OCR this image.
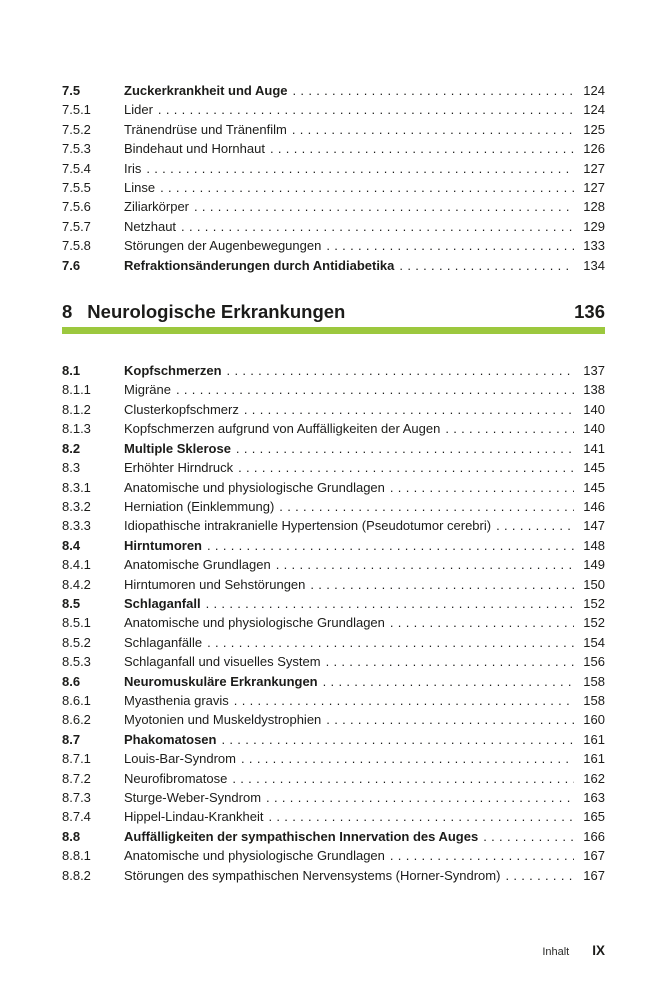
7.5	Zuckerkrankheit und Auge .....	124
7.5.1	Lider .....	124
7.5.2	Tränendrüse und Tränenfilm .....	125
7.5.3	Bindehaut und Hornhaut .....	126
7.5.4	Iris .....	127
7.5.5	Linse .....	127
7.5.6	Ziliarkörper .....	128
7.5.7	Netzhaut .....	129
7.5.8	Störungen der Augenbewegungen .....	133
7.6	Refraktionsänderungen durch Antidiabetika .....	134
8 Neurologische Erkrankungen	136
8.1	Kopfschmerzen .....	137
8.1.1	Migräne .....	138
8.1.2	Clusterkopfschmerz .....	140
8.1.3	Kopfschmerzen aufgrund von Auffälligkeiten der Augen .....	140
8.2	Multiple Sklerose .....	141
8.3	Erhöhter Hirndruck .....	145
8.3.1	Anatomische und physiologische Grundlagen .....	145
8.3.2	Herniation (Einklemmung) .....	146
8.3.3	Idiopathische intrakranielle Hypertension (Pseudotumor cerebri) .....	147
8.4	Hirntumoren .....	148
8.4.1	Anatomische Grundlagen .....	149
8.4.2	Hirntumoren und Sehstörungen .....	150
8.5	Schlaganfall .....	152
8.5.1	Anatomische und physiologische Grundlagen .....	152
8.5.2	Schlaganfälle .....	154
8.5.3	Schlaganfall und visuelles System .....	156
8.6	Neuromuskuläre Erkrankungen .....	158
8.6.1	Myasthenia gravis .....	158
8.6.2	Myotonien und Muskeldystrophien .....	160
8.7	Phakomatosen .....	161
8.7.1	Louis-Bar-Syndrom .....	161
8.7.2	Neurofibromatose .....	162
8.7.3	Sturge-Weber-Syndrom .....	163
8.7.4	Hippel-Lindau-Krankheit .....	165
8.8	Auffälligkeiten der sympathischen Innervation des Auges .....	166
8.8.1	Anatomische und physiologische Grundlagen .....	167
8.8.2	Störungen des sympathischen Nervensystems (Horner-Syndrom) .....	167
Inhalt IX
